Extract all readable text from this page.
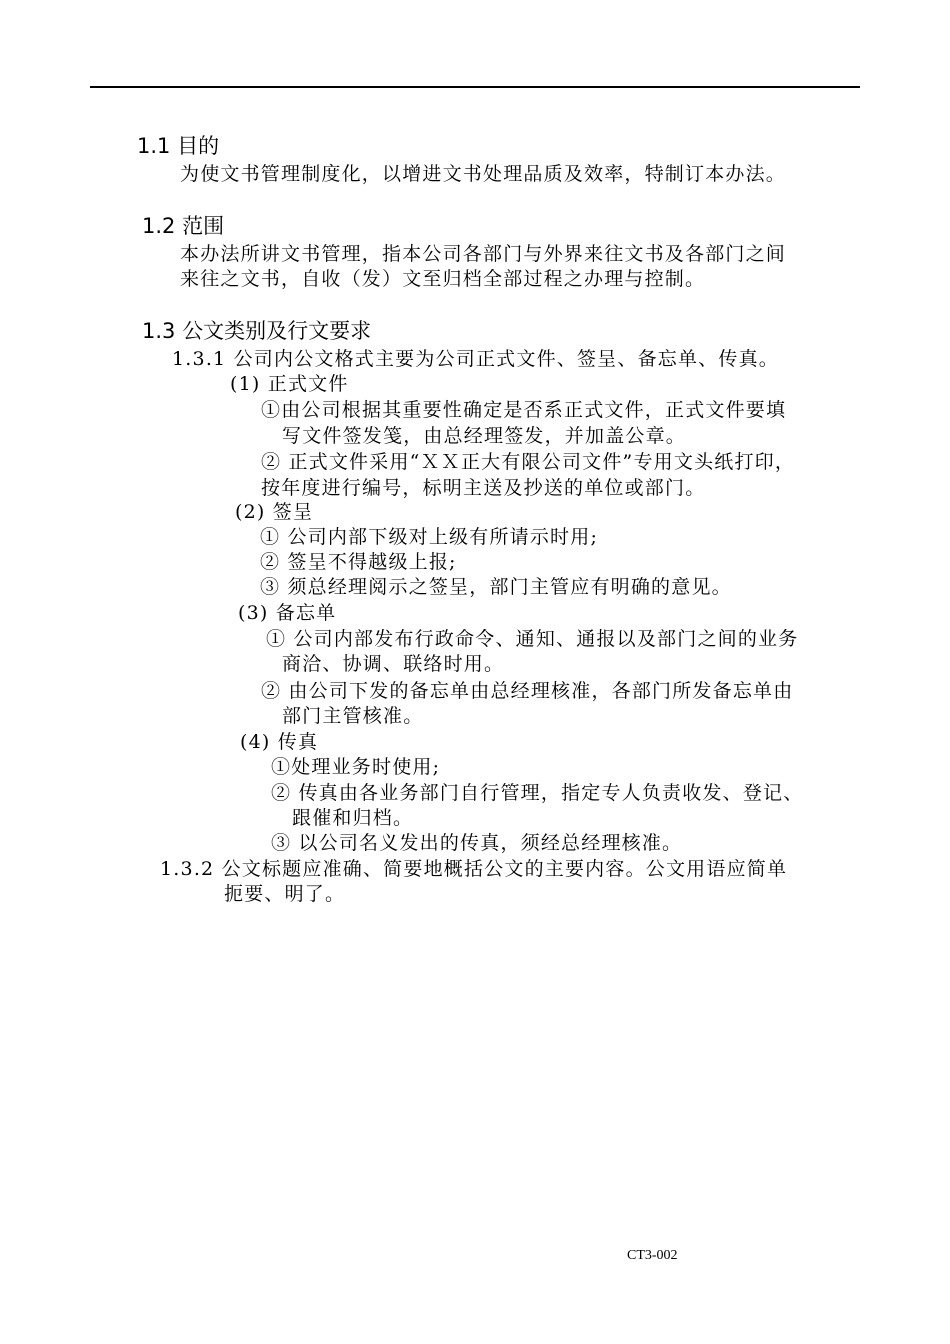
1.1 目的
为使文书管理制度化，以增进文书处理品质及效率，特制订本办法。
1.2 范围
本办法所讲文书管理，指本公司各部门与外界来往文书及各部门之间
来往之文书，自收（发）文至归档全部过程之办理与控制。
1.3 公文类别及行文要求
1.3.1 公司内公文格式主要为公司正式文件、签呈、备忘单、传真。
(1) 正式文件
①由公司根据其重要性确定是否系正式文件，正式文件要填
写文件签发笺，由总经理签发，并加盖公章。
② 正式文件采用“ＸＸ正大有限公司文件”专用文头纸打印，
按年度进行编号，标明主送及抄送的单位或部门。
(2) 签呈
① 公司内部下级对上级有所请示时用;
② 签呈不得越级上报;
③ 须总经理阅示之签呈，部门主管应有明确的意见。
(3) 备忘单
① 公司内部发布行政命令、通知、通报以及部门之间的业务
商洽、协调、联络时用。
② 由公司下发的备忘单由总经理核准，各部门所发备忘单由
部门主管核准。
(4) 传真
①处理业务时使用;
② 传真由各业务部门自行管理，指定专人负责收发、登记、
跟催和归档。
③ 以公司名义发出的传真，须经总经理核准。
1.3.2 公文标题应准确、简要地概括公文的主要内容。公文用语应简单
扼要、明了。
CT3-002
